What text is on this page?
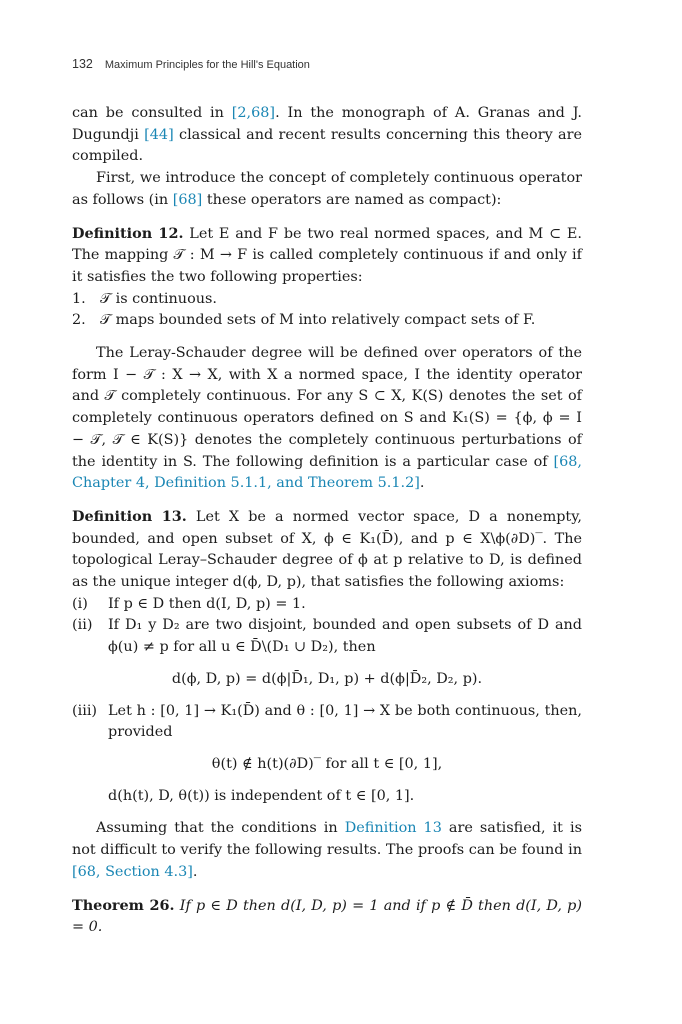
132 Maximum Principles for the Hill's Equation

can be consulted in [2,68]. In the monograph of A. Granas and J. Dugundji [44] classical and recent results concerning this theory are compiled.

First, we introduce the concept of completely continuous operator as follows (in [68] these operators are named as compact):

Definition 12. Let E and F be two real normed spaces, and M ⊂ E. The mapping 𝒯 : M → F is called completely continuous if and only if it satisfies the two following properties:

1. 𝒯 is continuous.

2. 𝒯 maps bounded sets of M into relatively compact sets of F.

The Leray-Schauder degree will be defined over operators of the form I − 𝒯 : X → X, with X a normed space, I the identity operator and 𝒯 completely continuous. For any S ⊂ X, K(S) denotes the set of completely continuous operators defined on S and K₁(S) = {ϕ, ϕ = I − 𝒯, 𝒯 ∈ K(S)} denotes the completely continuous perturbations of the identity in S. The following definition is a particular case of [68, Chapter 4, Definition 5.1.1, and Theorem 5.1.2].

Definition 13. Let X be a normed vector space, D a nonempty, bounded, and open subset of X, ϕ ∈ K₁(D̄), and p ∈ X\ϕ(∂D)‾. The topological Leray–Schauder degree of ϕ at p relative to D, is defined as the unique integer d(ϕ, D, p), that satisfies the following axioms:

(i) If p ∈ D then d(I, D, p) = 1.

(ii) If D₁ y D₂ are two disjoint, bounded and open subsets of D and ϕ(u) ≠ p for all u ∈ D̄\(D₁ ∪ D₂), then

d(ϕ, D, p) = d(ϕ|D̄₁, D₁, p) + d(ϕ|D̄₂, D₂, p).

(iii) Let h : [0, 1] → K₁(D̄) and θ : [0, 1] → X be both continuous, then, provided

θ(t) ∉ h(t)(∂D)‾ for all t ∈ [0, 1],

d(h(t), D, θ(t)) is independent of t ∈ [0, 1].

Assuming that the conditions in Definition 13 are satisfied, it is not difficult to verify the following results. The proofs can be found in [68, Section 4.3].

Theorem 26. If p ∈ D then d(I, D, p) = 1 and if p ∉ D̄ then d(I, D, p) = 0.
